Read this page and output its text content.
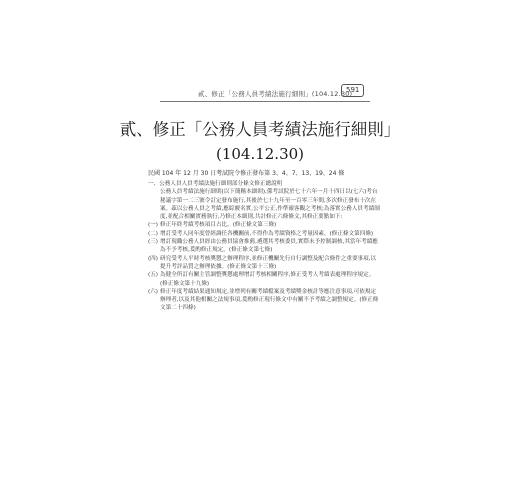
貳、修正「公務人員考績法施行細則」(104.12.30)
591
貳、修正「公務人員考績法施行細則」
(104.12.30)
民國 104 年 12 月 30 日考試院令修正發布第 3、4、7、13、19、24 條
一、公務人員人員考績法施行細則部分條文修正總說明
公務人員考績法施行細則(以下簡稱本細則),係考試院於七十六年一月十四日以(七六)考台秘議字第一二三號令訂定發布施行,其後於七十九年至一百零三年間,多次修正發布十次在案。茲以公務人員之考績,應綜覈名實,公平公正,作準確客觀之考核;為落實公務人員考績制度,並配合相關實務執行,乃修正本細則,共計修正六條條文,其修正要點如下:
(一) 修正年終考績考核項目占比。(修正條文第三條)
(二) 增訂受考人同年度曾經調任各機關前,不得作為考績資格之考量因素。(修正條文第四條)
(三) 增訂現職公務人員經由公務員協會推薦,遴選其考核委員,實際未予控制調核,其當年考績應為不予考核,爰酌修正規定。(修正條文第七條)
(四) 研究受考人平時考核獎懲之辦理程序,並修正機關先行自行調整及配合條件之重要事項,以提升考評品質之辦理依據。(修正條文第十三條)
(五) 為健全所訂有關主管調整獎懲處理增訂考核相關程序,修正受考人考績表處理程序規定。(修正條文第十九條)
(六) 修正年度考績結果通知規定,並增列有關考績檔案及考績獎金核計等應注意事項,可依規定辦理者,以及其他相關之法規事項,爰酌修正現行條文中有關不予考績之調整規定。(修正條文第二十四條)
